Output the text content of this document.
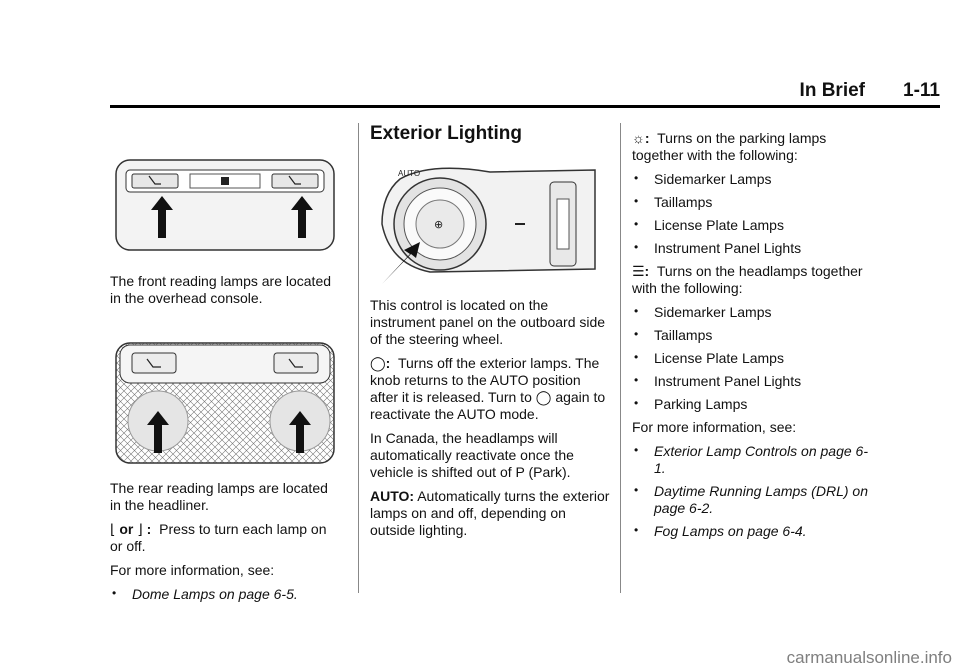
In Brief 1-11

The front reading lamps are located in the overhead console.

The rear reading lamps are located in the headliner.

⌊ or ⌋ : Press to turn each lamp on or off.

For more information, see:

• Dome Lamps on page 6-5.
Exterior Lighting
AUTO
⊕

This control is located on the instrument panel on the outboard side of the steering wheel.

◯: Turns off the exterior lamps. The knob returns to the AUTO position after it is released. Turn to ◯ again to reactivate the AUTO mode.

In Canada, the headlamps will automatically reactivate once the vehicle is shifted out of P (Park).

AUTO: Automatically turns the exterior lamps on and off, depending on outside lighting.

☼: Turns on the parking lamps together with the following:

• Sidemarker Lamps
• Taillamps
• License Plate Lamps
• Instrument Panel Lights

☰: Turns on the headlamps together with the following:

• Sidemarker Lamps
• Taillamps
• License Plate Lamps
• Instrument Panel Lights
• Parking Lamps

For more information, see:

• Exterior Lamp Controls on page 6-1.
• Daytime Running Lamps (DRL) on page 6-2.
• Fog Lamps on page 6-4.
carmanualsonline.info
